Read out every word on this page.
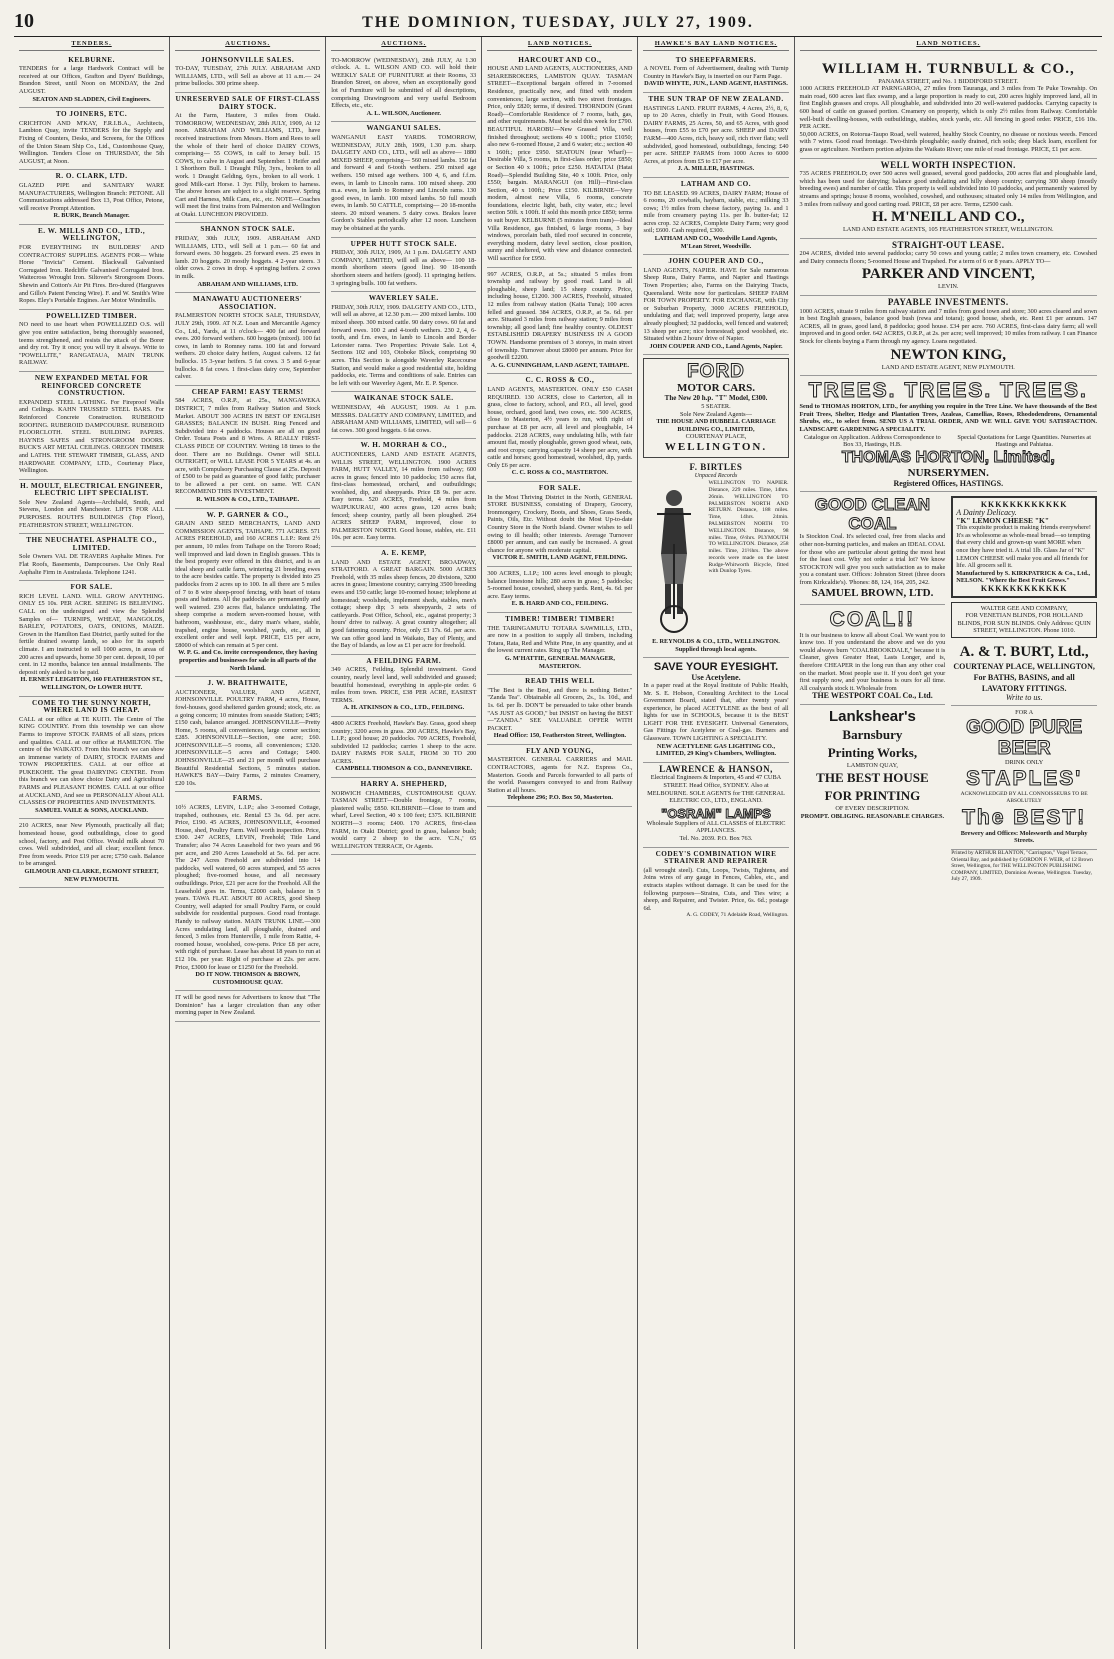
10	THE DOMINION, TUESDAY, JULY 27, 1909.
TENDERS.
KELBURNE.
TENDERS for a large Hardwork Contract will be received at our Offices, Grafton and Dyers' Buildings, Brandon Street, until Noon on MONDAY, the 2nd AUGUST.
SEATON AND SLADDEN, Civil Engineers.
TO JOINERS, ETC.
CRICHTON AND M'KAY, F.R.I.B.A., Architects, Lambton Quay, invite TENDERS for the Supply and Fixing of Counters, Desks, and Screens, for the Offices of the Union Steam Ship Co., Ltd., Customhouse Quay, Wellington. Tenders Close on THURSDAY, the 5th AUGUST, at Noon.
R. O. CLARK, LTD.
GLAZED PIPE and SANITARY WARE MANUFACTURERS, Wellington Branch: PETONE. All Communications addressed Box 13, Post Office, Petone, will receive Prompt Attention.
R. BURK, Branch Manager.
E. W. MILLS AND CO., LTD., WELLINGTON,
FOR EVERYTHING IN BUILDERS' AND CONTRACTORS' SUPPLIES. AGENTS FOR— White Horse "Invicta" Cement. Blackwall Galvanised Corrugated Iron. Redcliffe Galvanised Corrugated Iron. Waitecross Wrought Iron. Siltover's Strongroom Doors. Shewin and Cotton's Air Pit Fires. Bro-dured (Hargraves and Gillo's Patent Fencing Wire). F. and W. Smith's Wire Ropes. Eley's Portable Engines. Aer Motor Windmills.
POWELLIZED TIMBER.
NO need to use heart when POWELLIZED O.S. will give you entire satisfaction, being thoroughly seasoned, teems strengthened, and resists the attack of the Borer and dry rot. Try it once; you will try it always. Write to "POWELLITE," RANGATAUA, MAIN TRUNK RAILWAY.
NEW EXPANDED METAL FOR REINFORCED CONCRETE CONSTRUCTION.
EXPANDED STEEL LATHING. For Fireproof Walls and Ceilings. KAHN TRUSSED STEEL BARS. For Reinforced Concrete Construction. RUBEROID ROOFING. RUBEROID DAMPCOURSE. RUBEROID FLOORCLOTH. STEEL BUILDING PAPERS. HAYNES SAFES and STRONGROOM DOORS. BUCK'S ART METAL CEILINGS. OREGON TIMBER and LATHS. THE STEWART TIMBER, GLASS, AND HARDWARE COMPANY, LTD., Courtenay Place, Wellington.
H. MOULT, ELECTRICAL ENGINEER, ELECTRIC LIFT SPECIALIST.
Sole New Zealand Agents—Archibald, Smith, and Stevens, London and Manchester. LIFTS FOR ALL PURPOSES. ROUTH'S BUILDINGS (Top Floor), FEATHERSTON STREET, WELLINGTON.
THE NEUCHATEL ASPHALTE CO., LIMITED.
Sole Owners VAL DE TRAVERS Asphalte Mines. For Flat Roofs, Basements, Dampcourses. Use Only Real Asphalte Firm in Australasia. Telephone 1241.
FOR SALE.
RICH LEVEL LAND. WILL GROW ANYTHING. ONLY £5 10s. PER ACRE. SEEING IS BELIEVING. CALL on the undersigned and view the Splendid Samples of— TURNIPS, WHEAT, MANGOLDS, BARLEY, POTATOES, OATS, ONIONS, MAIZE. Grown in the Hamilton East District, partly suited for the fertile drained swamp lands, so also for its superb climate. I am instructed to sell 1000 acres, in areas of 200 acres and upwards, home 30 per cent. deposit, 10 per cent. in 12 months, balance ten annual installments. The deposit only asked is to be paid.
H. ERNEST LEIGHTON, 160 FEATHERSTON ST., WELLINGTON, Or LOWER HUTT.
COME TO THE SUNNY NORTH, WHERE LAND IS CHEAP.
CALL at our office at TE KUITI. The Centre of The KING COUNTRY. From this township we can show Farms to improve STOCK FARMS of all sizes, prices and qualities. CALL at our office at HAMILTON. The centre of the WAIKATO. From this branch we can show an immense variety of DAIRY, STOCK FARMS and TOWN PROPERTIES. CALL at our office at PUKEKOHE. The great DAIRYING CENTRE. From this branch we can show choice Dairy and Agricultural FARMS and PLEASANT HOMES. CALL at our office at AUCKLAND, And see us PERSONALLY About ALL CLASSES OF PROPERTIES AND INVESTMENTS.
SAMUEL VAILE & SONS, AUCKLAND.
210 ACRES, near New Plymouth, practically all flat; homestead house, good outbuildings, close to good school, factory, and Post Office. Would milk about 70 cows. Well subdivided, and all clear; excellent fence. Free from weeds. Price £19 per acre; £750 cash. Balance to be arranged.
GILMOUR AND CLARKE, EGMONT STREET, NEW PLYMOUTH.
AUCTIONS.
JOHNSONVILLE SALES.
TO-DAY, TUESDAY, 27th JULY. ABRAHAM AND WILLIAMS, LTD., will Sell as above at 11 a.m.— 24 prime bullocks. 300 prime sheep.
UNRESERVED SALE OF FIRST-CLASS DAIRY STOCK.
At the Farm, Hautere, 3 miles from Otaki. TOMORROW, WEDNESDAY, 28th JULY, 1909, At 12 noon. ABRAHAM AND WILLIAMS, LTD., have received instructions from Messrs. Horn and Rees to sell the whole of their herd of choice DAIRY COWS, comprising— 55 COWS, in calf to Jersey bull. 15 COWS, to calve in August and September. 1 Heifer and 1 Shorthorn Bull. 1 Draught Filly, 3yrs., broken to all work. 1 Draught Gelding, 6yrs., broken to all work. 1 good Milk-cart Horse. 1 3yr. Filly, broken to harness. The above horses are subject to a slight reserve. Spring Cart and Harness, Milk Cans, etc., etc. NOTE—Coaches will meet the first trains from Palmerston and Wellington at Otaki. LUNCHEON PROVIDED.
SHANNON STOCK SALE.
FRIDAY, 30th JULY, 1909. ABRAHAM AND WILLIAMS, LTD., will Sell at 1 p.m.— 60 fat and forward ewes. 30 hoggets. 25 forward ewes. 25 ewes in lamb. 20 hoggets. 20 mostly hoggets. 4 2-year steers. 3 older cows. 2 cows in drop. 4 springing heifers. 2 cows in milk.
ABRAHAM AND WILLIAMS, LTD.
MANAWATU AUCTIONEERS' ASSOCIATION.
PALMERSTON NORTH STOCK SALE, THURSDAY, JULY 29th, 1909. AT N.Z. Loan and Mercantile Agency Co., Ltd., Yards, at 11 o'clock— 400 fat and forward ewes. 200 forward wethers. 600 hoggets (mixed). 100 fat cows, in lamb to Romney rams. 100 fat and forward wethers. 20 choice dairy heifers, August calvers. 12 fat bullocks. 15 3-year heifers. 5 fat cows. 3 5 and 6-year bullocks. 8 fat cows. 1 first-class dairy cow, September calver.
CHEAP FARM! EASY TERMS!
584 ACRES, O.R.P., at 25s., MANGAWEKA DISTRICT, 7 miles from Railway Station and Stock Market. ABOUT 300 ACRES IN BEST OF ENGLISH GRASSES; BALANCE IN BUSH. Ring Fenced and Subdivided into 4 paddocks. Houses are all on good Order. Totara Posts and 8 Wires. A REALLY FIRST-CLASS PIECE OF COUNTRY. Writing 18 times to the door. There are no Buildings. Owner will SELL OUTRIGHT, or WILL LEASE FOR 5 YEARS at 4s. an acre, with Compulsory Purchasing Clause at 25s. Deposit of £500 to be paid as guarantee of good faith; purchaser to be allowed a per cent. on same. WE CAN RECOMMEND THIS INVESTMENT.
R. WILSON & CO., LTD., TAIHAPE.
W. P. GARNER & CO.,
GRAIN AND SEED MERCHANTS, LAND AND COMMISSION AGENTS, TAIHAPE. 771 ACRES. 571 ACRES FREEHOLD, and 160 ACRES L.I.P.: Rent 2½ per annum, 10 miles from Taihape on the Tororo Road; well improved and laid down in English grasses. This is the best property ever offered in this district, and is an ideal sheep and cattle farm, wintering 21 breeding ewes to the acre besides cattle. The property is divided into 25 paddocks from 2 acres up to 100. In all there are 5 miles of 7 to 8 wire sheep-proof fencing, with heart of totara posts and battens. All the paddocks are permanently and well watered. 230 acres flat, balance undulating. The sheep comprise a modern seven-roomed house, with bathroom, washhouse, etc., dairy man's whare, stable, trapshed, engine house, woolshed, yards, etc., all in excellent order and well kept. PRICE, £15 per acre, £8000 of which can remain at 5 per cent.
W. P. G. and Co. invite correspondence, they having properties and businesses for sale in all parts of the North Island.
J. W. BRAITHWAITE,
AUCTIONEER, VALUER, AND AGENT, JOHNSONVILLE. POULTRY FARM, 4 acres, House, fowl-houses, good sheltered garden ground; stock, etc. as a going concern; 10 minutes from seaside Station; £485; £150 cash, balance arranged. JOHNSONVILLE—Pretty Home, 5 rooms, all conveniences, large corner section; £285. JOHNSONVILLE—Section, one acre; £60. JOHNSONVILLE—5 rooms, all conveniences; £320. JOHNSONVILLE—5 acres and Cottage; £400. JOHNSONVILLE—25 and 21 per month will purchase Beautiful Residential Sections, 5 minutes station. HAWKE'S BAY—Dairy Farms, 2 minutes Creamery, £20 10s.
FARMS.
10½ ACRES, LEVIN, L.I.P.; also 3-roomed Cottage, trapshed, outhouses, etc. Rental £3 3s. 6d. per acre. Price, £190. 45 ACRES, JOHNSONVILLE, 4-roomed House, shed, Poultry Farm. Well worth inspection. Price, £300. 247 ACRES, LEVIN, Freehold; Title Land Transfer; also 74 Acres Leasehold for two years and 96 per acre, and 290 Acres Leasehold at 5s. 6d. per acre. The 247 Acres Freehold are subdivided into 14 paddocks, well watered, 60 acres stumped, and 55 acres ploughed; five-roomed house, and all necessary outbuildings. Price, £21 per acre for the Freehold. All the Leasehold goes in. Terms, £2000 cash, balance in 5 years. TAWA FLAT. ABOUT 80 ACRES, good Sheep Country, well adapted for small Poultry Farm, or could subdivide for residential purposes. Good road frontage. Handy to railway station. MAIN TRUNK LINE.—300 Acres undulating land, all ploughable, drained and fenced, 3 miles from Hunterville, 1 mile from Rattie, 4-roomed house, woolshed, cow-pens. Price £8 per acre, with right of purchase. Lease has about 18 years to run at £12 10s. per year. Right of purchase at 22s. per acre. Price, £3000 for lease or £1250 for the Freehold.
DO IT NOW. THOMSON & BROWN, CUSTOMHOUSE QUAY.
IT will be good news for Advertisers to know that "The Dominion" has a larger circulation than any other morning paper in New Zealand.
AUCTIONS.
TO-MORROW (WEDNESDAY), 28th JULY, At 1.30 o'clock. A. L. WILSON AND CO. will hold their WEEKLY SALE OF FURNITURE at their Rooms, 33 Brandon Street, on above, when an exceptionally good lot of Furniture will be submitted of all descriptions, comprising Drawingroom and very useful Bedroom Effects, etc., etc.
A. L. WILSON, Auctioneer.
WANGANUI SALES.
WANGANUI EAST YARDS. TOMORROW, WEDNESDAY, JULY 28th, 1909, 1.30 p.m. sharp. DALGETY AND CO., LTD., will sell as above— 1880 MIXED SHEEP, comprising— 560 mixed lambs. 150 fat and forward 4 and 6-tooth wethers. 250 mixed age wethers. 150 mixed age wethers. 100 4, 6, and f.f.m. ewes, in lamb to Lincoln rams. 100 mixed sheep. 200 m.a. ewes, in lamb to Romney and Lincoln rams. 130 good ewes, in lamb. 100 mixed lambs. 50 full mouth ewes, in lamb. 50 CATTLE, comprising— 20 18-months steers. 20 mixed weaners. 5 dairy cows. Brakes leave Gordon's Stables periodically after 12 noon. Luncheon may be obtained at the yards.
UPPER HUTT STOCK SALE.
FRIDAY, 30th JULY, 1909, At 1 p.m. DALGETY AND COMPANY, LIMITED, will sell as above— 100 18-month shorthorn steers (good line). 90 18-month shorthorn steers and heifers (good). 11 springing heifers. 3 springing bulls. 100 fat wethers.
WAVERLEY SALE.
FRIDAY, 30th JULY, 1909. DALGETY AND CO., LTD., will sell as above, at 12.30 p.m.— 200 mixed lambs. 100 mixed sheep. 300 mixed cattle. 90 dairy cows. 60 fat and forward ewes. 100 2 and 4-tooth wethers. 230 2, 4, 6-tooth, and f.m. ewes, in lamb to Lincoln and Border Leicester rams. Two Properties: Private Sale. Lot 4, Sections 102 and 103, Otoboke Block, comprising 90 acres. This Section is alongside Waverley Racecourse Station, and would make a good residential site, holding paddocks, etc. Terms and conditions of sale. Entries can be left with our Waverley Agent, Mr. E. P. Spence.
WAIKANAE STOCK SALE.
WEDNESDAY, 4th AUGUST, 1909. At 1 p.m. MESSRS. DALGETY AND COMPANY, LIMITED, and ABRAHAM AND WILLIAMS, LIMITED, will sell— 6 fat cows. 300 good hoggets. 6 fat cows.
W. H. MORRAH & CO.,
AUCTIONEERS, LAND AND ESTATE AGENTS, WILLIS STREET, WELLINGTON. 1900 ACRES FARM, HUTT VALLEY, 14 miles from railway; 600 acres in grass; fenced into 10 paddocks; 150 acres flat, first-class homestead, orchard, and outbuildings; woolshed, dip, and sheepyards. Price £8 9s. per acre. Easy terms. 520 ACRES, Freehold, 4 miles from WAIPUKURAU, 400 acres grass, 120 acres bush; fenced; sheep country, partly all been ploughed. 264 ACRES SHEEP FARM, improved, close to PALMERSTON NORTH. Good house, stables, etc. £11 10s. per acre. Easy terms.
A. E. KEMP,
LAND AND ESTATE AGENT, BROADWAY, STRATFORD. A GREAT BARGAIN. 5000 ACRES Freehold, with 35 miles sheep fences, 20 divisions, 3200 acres in grass; limestone country; carrying 3500 breeding ewes and 150 cattle; large 10-roomed house; telephone at homestead; woolsheds, implement sheds, stables, men's cottage; sheep dip; 3 sets sheepyards, 2 sets of cattleyards. Post Office, School, etc., against property; 3 hours' drive to railway. A great country altogether; all good fattening country. Price, only £3 17s. 6d. per acre. We can offer good land in Waikato, Bay of Plenty, and the Bay of Islands, as low as £1 per acre for freehold.
A FEILDING FARM.
349 ACRES, Feilding. Splendid investment. Good country, nearly level land, well subdivided and grassed; beautiful homestead, everything in apple-pie order. 6 miles from town. PRICE, £38 PER ACRE, EASIEST TERMS.
A. H. ATKINSON & CO., LTD., FEILDING.
4800 ACRES Freehold, Hawke's Bay. Grass, good sheep country; 3200 acres in grass. 200 ACRES, Hawke's Bay, L.I.P.; good house; 20 paddocks. 709 ACRES, Freehold, subdivided 12 paddocks; carries 1 sheep to the acre. DAIRY FARMS FOR SALE, FROM 30 TO 200 ACRES.
CAMPBELL THOMSON & CO., DANNEVIRKE.
HARRY A. SHEPHERD,
NORWICH CHAMBERS, CUSTOMHOUSE QUAY. TASMAN STREET—Double frontage, 7 rooms, plastered walls; £850. KILBIRNIE—Close to tram and wharf, Level Section, 40 x 100 feet; £375. KILBIRNIE NORTH—3 rooms; £400. 170 ACRES, first-class FARM, in Otaki District; good in grass, balance bush; would carry 2 sheep to the acre. 'C.N.,' 65 WELLINGTON TERRACE, Or Agents.
LAND NOTICES.
HARCOURT AND CO.,
HOUSE AND LAND AGENTS, AUCTIONEERS, AND SHAREBROKERS, LAMBTON QUAY. TASMAN STREET—Exceptional bargain offered in 7-roomed Residence, practically new, and fitted with modern conveniences; large section, with two street frontages. Price, only £820; terms, if desired. THORNDON (Grant Road)—Comfortable Residence of 7 rooms, bath, gas, and other requirements. Must be sold this week for £790. BEAUTIFUL HAROBU—New Grassed Villa, well finished throughout; sections 40 x 100ft.; price £1050; also new 6-roomed House, 2 and 6 water; etc.; section 40 x 160ft.; price £950. SEATOUN (near Wharf)—Desirable Villa, 5 rooms, in first-class order; price £850; or Section 40 x 100ft.; price £250. HATAITAI (Hatai Road)—Splendid Building Site, 40 x 100ft. Price, only £550; bargain. MARANGUI (on Hill)—First-class Section, 40 x 100ft.; Price £150. KILBIRNIE—Very modern, almost new Villa, 6 rooms, concrete foundations, electric light, bath, city water, etc.; level section 50ft. x 100ft. If sold this month price £850; terms to suit buyer. KELBURNE (5 minutes from tram)—Ideal Villa Residence, gas finished, 6 large rooms, 3 bay windows, porcelain bath, tiled roof secured in concrete, everything modern, dairy level section, close position, sunny and sheltered, with view and distance connected. Will sacrifice for £950.
997 ACRES, O.R.P., at 5s.; situated 5 miles from township and railway by good road. Land is all ploughable, sheep land; 15 sheep country. Price, including house, £1200. 300 ACRES, Freehold, situated 12 miles from railway station (Kaita Tuna); 100 acres felled and grassed. 384 ACRES, O.R.P., at 5s. 6d. per acre. Situated 3 miles from railway station; 9 miles from township; all good land; fine healthy country. OLDEST ESTABLISHED DRAPERY BUSINESS IN A GOOD TOWN. Handsome premises of 3 storeys, in main street of township. Turnover about £8000 per annum. Price for goodwill £2200.
A. G. CUNNINGHAM, LAND AGENT, TAIHAPE.
C. C. ROSS & CO.,
LAND AGENTS, MASTERTON. ONLY £50 CASH REQUIRED. 130 ACRES, close to Carterton, all in grass, close to factory, school, and P.O., all level, good house, orchard, good land, two cows, etc. 500 ACRES, close to Masterton, 4½ years to run, with right of purchase at £8 per acre, all level and ploughable, 14 paddocks. 2128 ACRES, easy undulating hills, with fair amount flat, mostly ploughable, grown good wheat, oats, and root crops; carrying capacity 14 sheep per acre, with cattle and horses; good homestead, woolshed, dip, yards. Only £6 per acre.
C. C. ROSS & CO., MASTERTON.
FOR SALE.
In the Most Thriving District in the North, GENERAL STORE BUSINESS, consisting of Drapery, Grocery, Ironmongery, Crockery, Boots, and Shoes, Grass Seeds, Paints, Oils, Etc. Without doubt the Most Up-to-date Country Store in the North Island. Owner wishes to sell owing to ill health; other interests. Average Turnover £8000 per annum, and can easily be increased. A great chance for anyone with moderate capital.
VICTOR E. SMITH, LAND AGENT, FEILDING.
300 ACRES, L.I.P.; 100 acres level enough to plough; balance limestone hills; 280 acres in grass; 5 paddocks; 5-roomed house, cowshed, sheep yards. Rent, 4s. 6d. per acre. Easy terms.
E. B. HARD AND CO., FEILDING.
TIMBER! TIMBER! TIMBER!
THE TARINGAMUTU TOTARA SAWMILLS, LTD., are now in a position to supply all timbers, including Totara, Rata, Red and White Pine, in any quantity, and at the lowest current rates. Ring up The Manager.
G. M'HATTIE, GENERAL MANAGER, MASTERTON.
READ THIS WELL
"The Best is the Best, and there is nothing Better." "Zanda Tea". Obtainable all Grocers, 2s., 1s. 10d., and 1s. 6d. per lb. DON'T be persuaded to take other brands "AS JUST AS GOOD," but INSIST on having the BEST—"ZANDA." SEE VALUABLE OFFER WITH PACKET.
Head Office: 150, Featherston Street, Wellington.
FLY AND YOUNG,
MASTERTON. GENERAL CARRIERS and MAIL CONTRACTORS, agents for N.Z. Express Co., Masterton. Goods and Parcels forwarded to all parts of the world. Passengers conveyed to and from Railway Station at all hours.
Telephone 296; P.O. Box 50, Masterton.
HAWKE'S BAY LAND NOTICES.
TO SHEEPFARMERS.
A NOVEL Form of Advertisement, dealing with Turnip Country in Hawke's Bay, is inserted on our Farm Page.
DAVID WHYTE, JUN., LAND AGENT, HASTINGS.
THE SUN TRAP OF NEW ZEALAND.
HASTINGS LAND. FRUIT FARMS, 4 Acres, 2½, 8, 6, up to 20 Acres, chiefly in Fruit, with Good Houses. DAIRY FARMS, 25 Acres, 50, and 65 Acres, with good houses, from £55 to £70 per acre. SHEEP and DAIRY FARM—400 Acres, rich, heavy soil, rich river flats; well subdivided, good homestead, outbuildings, fencing; £40 per acre. SHEEP FARMS from 1000 Acres to 6000 Acres, at prices from £5 to £17 per acre.
J. A. MILLER, HASTINGS.
LATHAM AND CO.
TO BE LEASED. 99 ACRES, DAIRY FARM; House of 6 rooms, 20 cowbails, haybarn, stable, etc.; milking 33 cows; 1½ miles from cheese factory, paying 1s. and 1 mile from creamery paying 11s. per lb. butter-fat; 12 acres crop. 32 ACRES, Complete Dairy Farm; very good soil; £600. Cash required, £300.
LATHAM AND CO., Woodville Land Agents, M'Lean Street, Woodville.
JOHN COUPER AND CO.,
LAND AGENTS, NAPIER. HAVE for Sale numerous Sheep Runs, Dairy Farms, and Napier and Hastings Town Properties; also, Farms on the Dairying Tracts, Queensland. Write now for particulars. SHEEP FARM FOR TOWN PROPERTY. FOR EXCHANGE, with City or Suburban Property, 3000 ACRES FREEHOLD, undulating and flat; well improved property, large area already ploughed; 32 paddocks, well fenced and watered; 13 sheep per acre; nice homestead; good woolshed, etc. Situated within 2 hours' drive of Napier.
JOHN COUPER AND CO., Land Agents, Napier.
FORD
MOTOR CARS.
The New 20 h.p. "T" Model, £300.
5 SEATER.
Sole New Zealand Agents—
THE HOUSE AND HUBBELL CARRIAGE BUILDING CO., LIMITED,
COURTENAY PLACE,
WELLINGTON.
F. BIRTLES
Unpaced Records
WELLINGTON TO NAPIER. Distance, 229 miles. Time, 14hrs. 26min. WELLINGTON TO PALMERSTON NORTH AND RETURN. Distance, 188 miles. Time, 14hrs. 24min. PALMERSTON NORTH TO WELLINGTON. Distance, 98 miles. Time, 6½hrs. PLYMOUTH TO WELLINGTON. Distance, 258 miles. Time, 21½hrs. The above records were made on the latest Rudge-Whitworth Bicycle, fitted with Dunlop Tyres.
E. REYNOLDS & CO., LTD., WELLINGTON. Supplied through local agents.
SAVE YOUR EYESIGHT.
Use Acetylene.
In a paper read at the Royal Institute of Public Health, Mr. S. E. Hobson, Consulting Architect to the Local Government Board, stated that, after twenty years' experience, he placed ACETYLENE as the best of all lights for use in SCHOOLS, because it is the BEST LIGHT FOR THE EYESIGHT. Universal Generators, Gas Fittings for Acetylene or Coal-gas. Burners and Glassware. TOWN LIGHTING A SPECIALITY.
NEW ACETYLENE GAS LIGHTING CO., LIMITED, 29 King's Chambers, Wellington.
LAWRENCE & HANSON,
Electrical Engineers & Importers, 45 and 47 CUBA STREET. Head Office, SYDNEY. Also at MELBOURNE. SOLE AGENTS for THE GENERAL ELECTRIC CO., LTD., ENGLAND.
"OSRAM" LAMPS
Wholesale Suppliers of ALL CLASSES of ELECTRIC APPLIANCES.
Tel. No. 2039. P.O. Box 763.
CODEY'S COMBINATION WIRE STRAINER AND REPAIRER
(all wrought steel). Cuts, Loops, Twists, Tightens, and Joins wires of any gauge in Fences, Cables, etc., and extracts staples without damage. It can be used for the following purposes—Strains, Cuts, and Ties wire; a sheep, and Repairer, and Twister. Price, 6s. 6d.; postage 6d.
A. G. CODEY, 71 Adelaide Road, Wellington.
LAND NOTICES.
WILLIAM H. TURNBULL & CO.,
PANAMA STREET, and No. 1 BIDDIFORD STREET.
1000 ACRES FREEHOLD AT PARNGAROA, 27 miles from Tauranga, and 3 miles from Te Puke Township. On main road, 600 acres last flax swamp, and a large proportion is ready to cut, 200 acres highly improved land, all in first English grasses and crops. All ploughable, and subdivided into 20 well-watered paddocks. Carrying capacity is 600 head of cattle on grassed portion. Creamery on property, which is only 2½ miles from Railway. Comfortable well-built dwelling-houses, with outbuildings, stables, stock yards, etc. All fencing in good order. PRICE, £16 10s. PER ACRE.
50,000 ACRES, on Rotorua-Taupo Road, well watered, healthy Stock Country, no disease or noxious weeds. Fenced with 7 wires. Good road frontage. Two-thirds ploughable; easily drained, rich soils; deep black loam, excellent for grass or agriculture. Northern portion adjoins the Waikato River; one mile of road frontage. PRICE, £1 per acre.
WELL WORTH INSPECTION.
735 ACRES FREEHOLD; over 500 acres well grassed, several good paddocks, 200 acres flat and ploughable land, which has been used for dairying; balance good undulating and hilly sheep country; carrying 300 sheep (mostly breeding ewes) and number of cattle. This property is well subdivided into 10 paddocks, and permanently watered by streams and springs; house 8 rooms, woolshed, cowshed, and outhouses; situated only 14 miles from Wellington, and 3 miles from railway and good carting road. PRICE, £8 per acre. Terms, £2500 cash.
H. M'NEILL AND CO.,
LAND AND ESTATE AGENTS, 105 FEATHERSTON STREET, WELLINGTON.
STRAIGHT-OUT LEASE.
204 ACRES, divided into several paddocks; carry 50 cows and young cattle; 2 miles town creamery, etc. Cowshed and Dairy connects floors; 5-roomed House and Trapshed. For a term of 6 or 8 years. APPLY TO—
PARKER AND VINCENT,
LEVIN.
PAYABLE INVESTMENTS.
1000 ACRES, situate 9 miles from railway station and 7 miles from good town and store; 300 acres cleared and sown in best English grasses, balance good bush (rewa and totara); good house, sheds, etc. Rent £1 per annum. 147 ACRES, all in grass, good land, 8 paddocks; good house. £34 per acre. 760 ACRES, first-class dairy farm; all well improved and in good order. 642 ACRES, O.R.P., at 2s. per acre; well improved; 10 miles from railway. I can Finance Stock for clients buying a Farm through my agency. Loans negotiated.
NEWTON KING,
LAND AND ESTATE AGENT, NEW PLYMOUTH.
TREES. TREES. TREES.
Send to THOMAS HORTON, LTD., for anything you require in the Tree Line. We have thousands of the Best Fruit Trees, Shelter, Hedge and Plantation Trees, Azaleas, Camellias, Roses, Rhododendrons, Ornamental Shrubs, etc., to select from. SEND US A TRIAL ORDER, AND WE WILL GIVE YOU SATISFACTION. LANDSCAPE GARDENING A SPECIALITY.
Catalogue on Application. Address Correspondence to Box 33, Hastings, H.B.
Special Quotations for Large Quantities. Nurseries at Hastings and Pahiatua.
THOMAS HORTON, Limited,
NURSERYMEN.
Registered Offices, HASTINGS.
GOOD CLEAN COAL
Is Stockton Coal. It's selected coal, free from slacks and other non-burning particles, and makes an IDEAL COAL for those who are particular about getting the most heat for the least cost. Why not order a trial lot? We know STOCKTON will give you such satisfaction as to make you a constant user. Offices: Johnston Street (three doors from Kirkcaldie's). 'Phones: 88, 124, 164, 205, 242.
SAMUEL BROWN, LTD.
COAL!!
It is our business to know all about Coal. We want you to know too. If you understand the above and we do you would always burn "COALBROOKDALE," because it is Cleaner, gives Greater Heat, Lasts Longer, and is, therefore CHEAPER in the long run than any other coal on the market. Most people use it. If you don't get your first supply now, and your business is ours for all time. All coalyards stock it. Wholesale from
THE WESTPORT COAL Co., Ltd.
Lankshear's
Barnsbury
Printing Works,
LAMBTON QUAY,
THE BEST HOUSE
FOR PRINTING
OF EVERY DESCRIPTION.
PROMPT. OBLIGING. REASONABLE CHARGES.
KKKKKKKKKKKK
A Dainty Delicacy.
"K" LEMON CHEESE "K"
This exquisite product is making friends everywhere! It's as wholesome as whole-meal bread—so tempting that every child and grown-up want MORE when once they have tried it. A trial 1lb. Glass Jar of "K" LEMON CHEESE will make you and all friends for life. All grocers sell it.
Manufactured by S. KIRKPATRICK & Co., Ltd., NELSON. "Where the Best Fruit Grows."
KKKKKKKKKKKK
WALTER GEE AND COMPANY,
FOR VENETIAN BLINDS, FOR HOLLAND BLINDS, FOR SUN BLINDS. Only Address: QUIN STREET, WELLINGTON. Phone 1010.
A. & T. BURT, Ltd.,
COURTENAY PLACE, WELLINGTON, For BATHS, BASINS, and all LAVATORY FITTINGS.
Write to us.
FOR A
GOOD PURE BEER
DRINK ONLY
STAPLES'
ACKNOWLEDGED BY ALL CONNOISSEURS TO BE ABSOLUTELY
The BEST!
Brewery and Offices: Molesworth and Murphy Streets.
Printed by ARTHUR BLANTON, "Carrington," Vogel Terrace, Oriental Bay, and published by GORDON F. WEIR, of 12 Brown Street, Wellington, for THE WELLINGTON PUBLISHING COMPANY, LIMITED, Dominion Avenue, Wellington. Tuesday, July 27, 1909.
